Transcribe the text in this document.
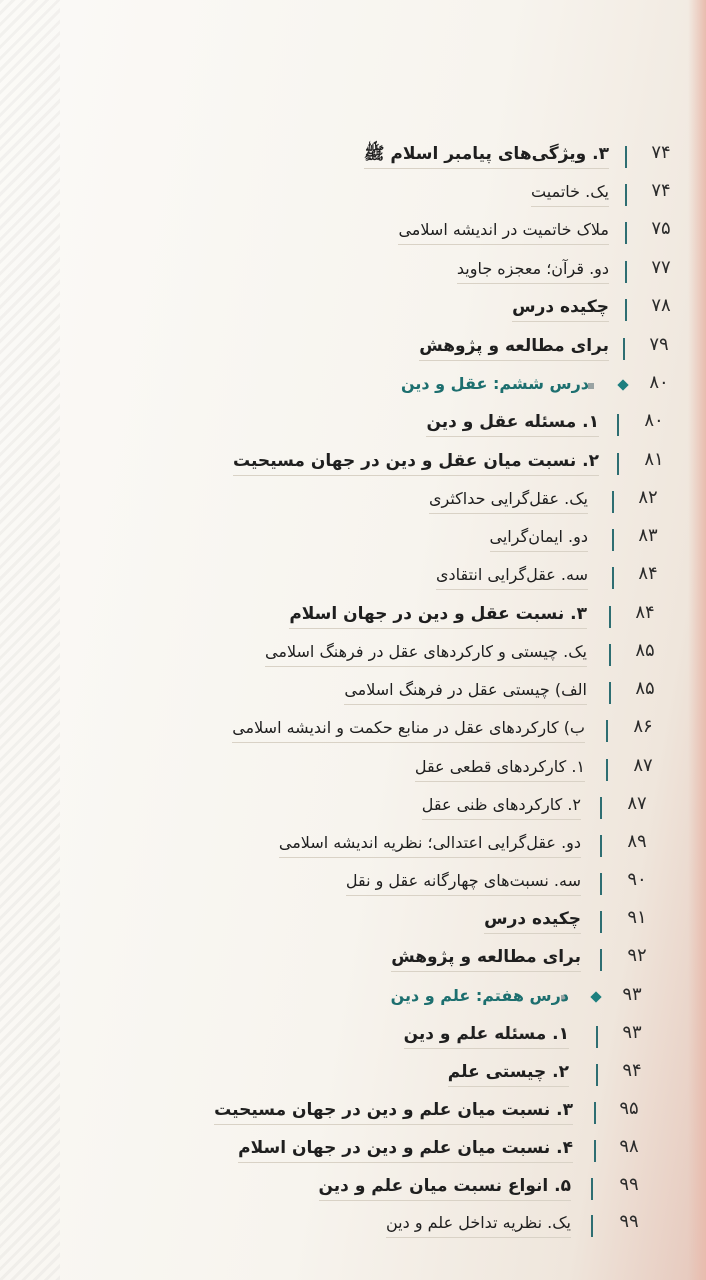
۷۴
۳. ویژگی‌های پیامبر اسلام ﷺ
۷۴
یک. خاتمیت
۷۵
ملاک خاتمیت در اندیشه اسلامی
۷۷
دو. قرآن؛ معجزه جاوید
۷۸
چکیده درس
۷۹
برای مطالعه و پژوهش
۸۰
درس ششم: عقل و دین
۸۰
۱. مسئله عقل و دین
۸۱
۲. نسبت میان عقل و دین در جهان مسیحیت
۸۲
یک. عقل‌گرایی حداکثری
۸۳
دو. ایمان‌گرایی
۸۴
سه. عقل‌گرایی انتقادی
۸۴
۳. نسبت عقل و دین در جهان اسلام
۸۵
یک. چیستی و کارکردهای عقل در فرهنگ اسلامی
۸۵
الف) چیستی عقل در فرهنگ اسلامی
۸۶
ب) کارکردهای عقل در منابع حکمت و اندیشه اسلامی
۸۷
۱. کارکردهای قطعی عقل
۸۷
۲. کارکردهای ظنی عقل
۸۹
دو. عقل‌گرایی اعتدالی؛ نظریه اندیشه اسلامی
۹۰
سه. نسبت‌های چهارگانه عقل و نقل
۹۱
چکیده درس
۹۲
برای مطالعه و پژوهش
۹۳
درس هفتم: علم و دین
۹۳
۱. مسئله علم و دین
۹۴
۲. چیستی علم
۹۵
۳. نسبت میان علم و دین در جهان مسیحیت
۹۸
۴. نسبت میان علم و دین در جهان اسلام
۹۹
۵. انواع نسبت میان علم و دین
۹۹
یک. نظریه تداخل علم و دین
